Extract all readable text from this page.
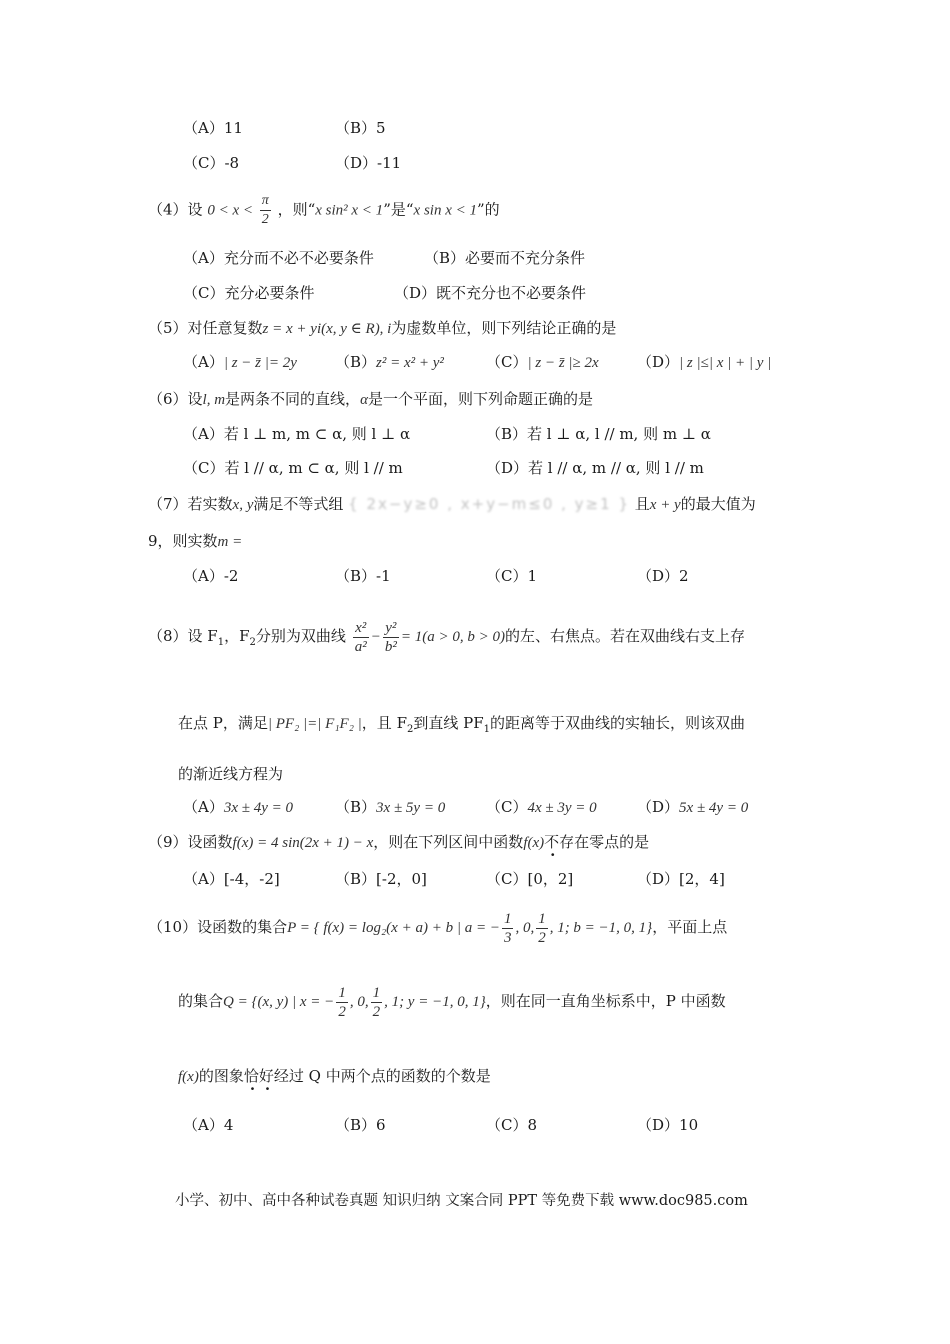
（A）11	（B）5
（C）-8	（D）-11
（4）设 $0 < x < \frac{\pi}{2}$ ，则“x sin² x < 1”是“x sin x < 1”的
（A）充分而不必不必要条件	（B）必要而不充分条件
（C）充分必要条件	（D）既不充分也不必要条件
（5）对任意复数z = x + yi(x, y ∈ R), i为虚数单位，则下列结论正确的是
（A）| z − z̄ |= 2y	（B）z² = x² + y²	（C）| z − z̄ |≥ 2x	（D）| z |≤| x | + | y |
（6）设l, m是两条不同的直线，α是一个平面，则下列命题正确的是
（A）若 l ⊥ m, m ⊂ α, 则 l ⊥ α	（B）若 l ⊥ α, l // m, 则 m ⊥ α
（C）若 l // α, m ⊂ α, 则 l // m	（D）若 l // α, m // α, 则 l // m
（7）若实数x, y满足不等式组 { 2x−y≥0 , x+y−m≤0 , y≥1 } 且x + y的最大值为
9，则实数m =
（A）-2	（B）-1	（C）1	（D）2
（8）设 $F_1$，$F_2$分别为双曲线 $\frac{\text{x²}}{\text{a²}} - \frac{\text{y²}}{\text{b²}} = 1(a > 0$, b > 0)的左、右焦点。若在双曲线右支上存
在点 P，满足| PF₂ |=| F₁F₂ |，且 $F_2$到直线 $PF_1$的距离等于双曲线的实轴长，则该双曲
的渐近线方程为
（A）3x ± 4y = 0	（B）3x ± 5y = 0	（C）4x ± 3y = 0	（D）5x ± 4y = 0
（9）设函数f(x) = 4 sin(2x + 1) − x，则在下列区间中函数f(x)不存在零点的是
（A）[-4，-2]	（B）[-2，0]	（C）[0，2]	（D）[2，4]
（10）设函数的集合P = { f(x) = log₂(x + a) + b | a = − $\frac{1}{3}$ , 0, $\frac{1}{2}$ , 1; b = −1, 0, 1}，平面上点
的集合Q = {(x, y) | x = − $\frac{1}{2}$ , 0, $\frac{1}{2}$ , 1; y = −1, 0, 1}，则在同一直角坐标系中，P 中函数
f(x)的图象恰好经过 Q 中两个点的函数的个数是
（A）4	（B）6	（C）8	（D）10
小学、初中、高中各种试卷真题 知识归纳 文案合同 PPT 等免费下载 www.doc985.com
